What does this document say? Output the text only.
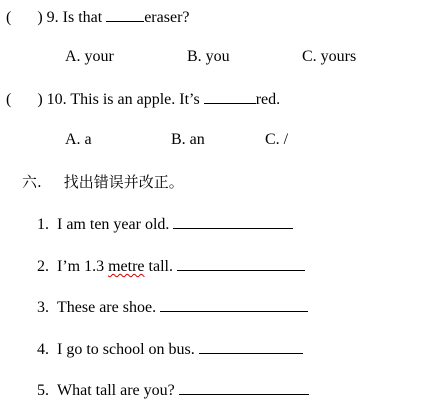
( ) 9. Is that eraser?
A. your	B. you	C. yours
( ) 10. This is an apple. It’s	red.
A. a	B. an	C. /
六. 找出错误并改正。
1. I am ten year old.
2. I’m 1.3 metre tall.
3. These are shoe.
4. I go to school on bus.
5. What tall are you?
